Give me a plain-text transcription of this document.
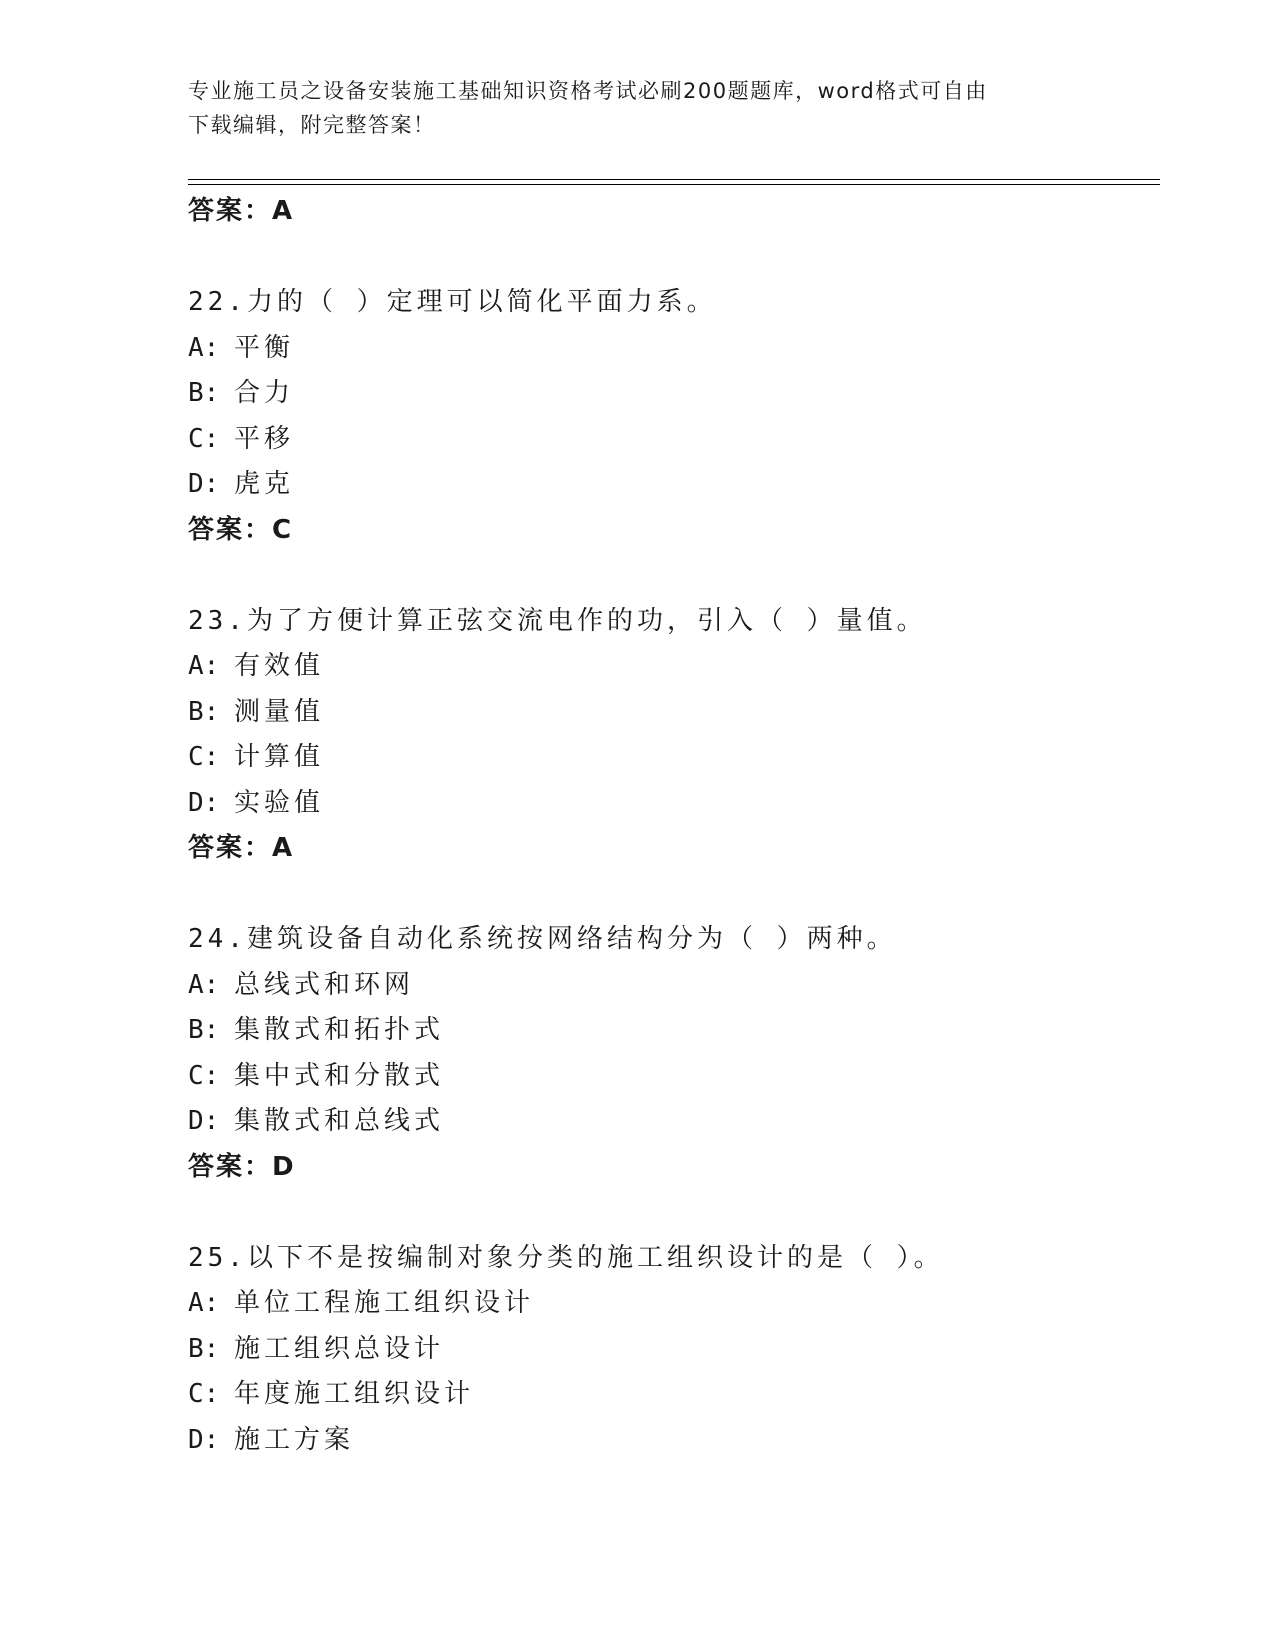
专业施工员之设备安装施工基础知识资格考试必刷200题题库，word格式可自由
下载编辑，附完整答案！
答案：A
22.力的（ ）定理可以简化平面力系。
A: 平衡
B: 合力
C: 平移
D: 虎克
答案：C
23.为了方便计算正弦交流电作的功，引入（ ）量值。
A: 有效值
B: 测量值
C: 计算值
D: 实验值
答案：A
24.建筑设备自动化系统按网络结构分为（ ）两种。
A: 总线式和环网
B: 集散式和拓扑式
C: 集中式和分散式
D: 集散式和总线式
答案：D
25.以下不是按编制对象分类的施工组织设计的是（ ）。
A: 单位工程施工组织设计
B: 施工组织总设计
C: 年度施工组织设计
D: 施工方案
